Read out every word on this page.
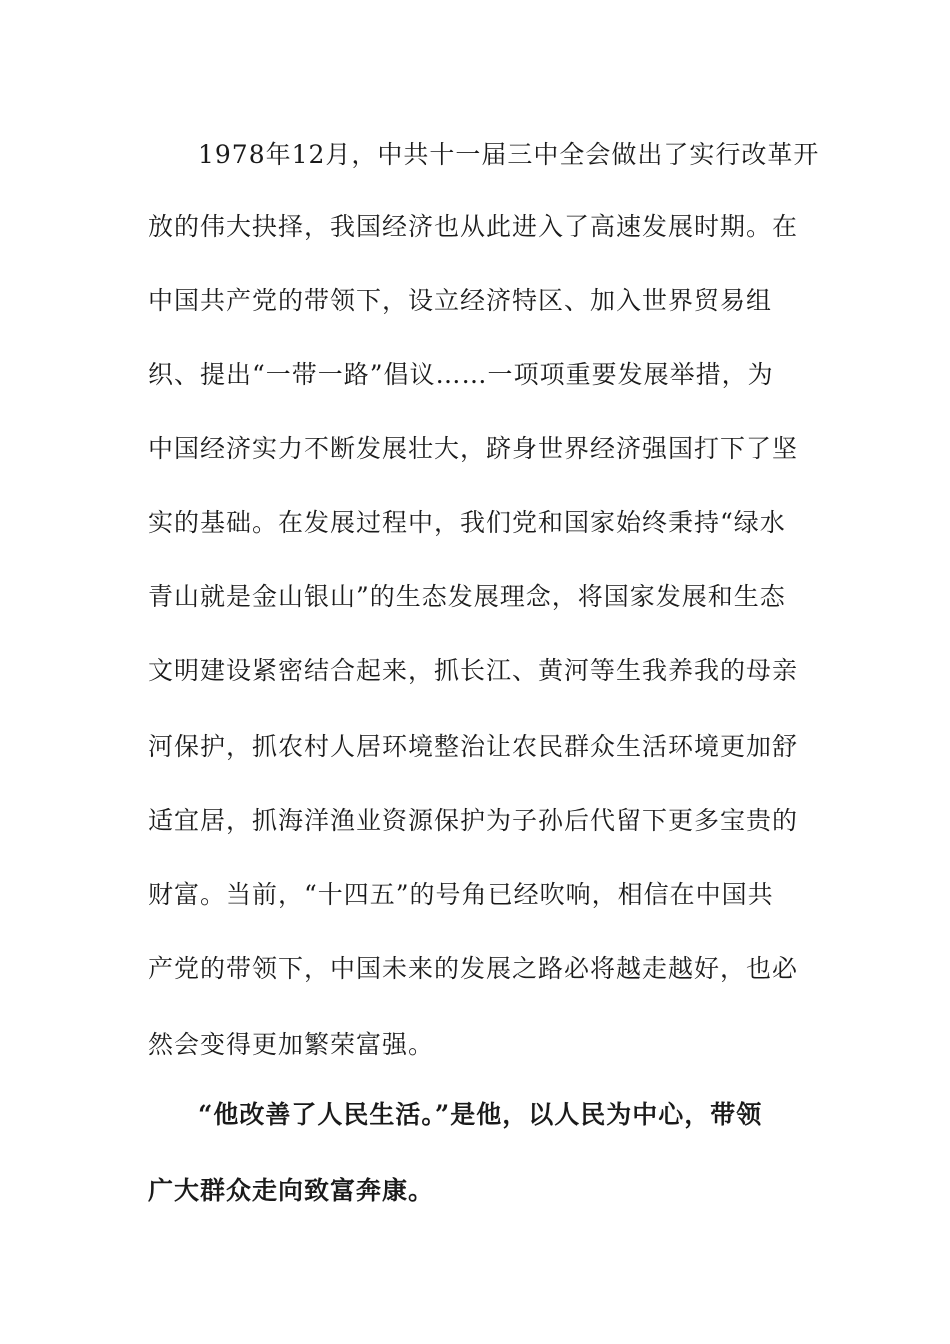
1978年12月，中共十一届三中全会做出了实行改革开
放的伟大抉择，我国经济也从此进入了高速发展时期。在
中国共产党的带领下，设立经济特区、加入世界贸易组
织、提出“一带一路”倡议……一项项重要发展举措，为
中国经济实力不断发展壮大，跻身世界经济强国打下了坚
实的基础。在发展过程中，我们党和国家始终秉持“绿水
青山就是金山银山”的生态发展理念，将国家发展和生态
文明建设紧密结合起来，抓长江、黄河等生我养我的母亲
河保护，抓农村人居环境整治让农民群众生活环境更加舒
适宜居，抓海洋渔业资源保护为子孙后代留下更多宝贵的
财富。当前，“十四五”的号角已经吹响，相信在中国共
产党的带领下，中国未来的发展之路必将越走越好，也必
然会变得更加繁荣富强。
“他改善了人民生活。”是他，以人民为中心，带领
广大群众走向致富奔康。
